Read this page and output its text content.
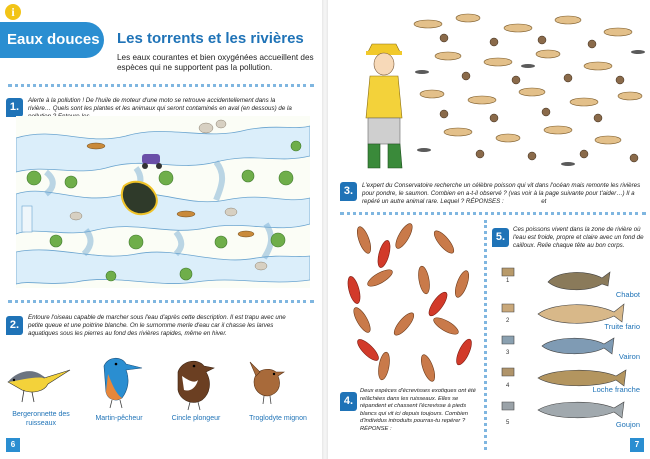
i
Eaux douces Les torrents et les rivières
Les eaux courantes et bien oxygénées accueillent des espèces qui ne supportent pas la pollution.
1.
Alerte à la pollution ! De l'huile de moteur d'une moto se retrouve accidentellement dans la rivière… Quels sont les plantes et les animaux qui seront contaminés en aval (en dessous) de la
2.
Entoure l'oiseau capable de marcher sous l'eau d'après cette description. Il est trapu avec une petite queue et une poitrine blanche. On le surnomme merle d'eau car il chasse les larves aquatiques sous les pierres au fond des rivières rapides, même en hiver.
Bergeronnette des ruisseaux
Martin-pêcheur	Cincle plongeur	Troglodyte mignon
6
3.	L'expert du Conservatoire recherche un célèbre poisson qui vit dans l'océan mais remonte les rivières pour pondre, le saumon. Combien en a-t-il observé ? (vas voir à la page suivante pour t'aider…) Il a repéré un autre animal rare. Lequel ? RÉPONSES :	et
4.
Deux espèces d'écrevisses exotiques ont été relâchées dans les ruisseaux. Elles se répandent et chassent l'écrevisse à pieds blancs qui vit ici depuis toujours. Combien d'individus introduits pourras-tu repérer ? RÉPONSE :
5.
Ces poissons vivent dans la zone de rivière où l'eau est froide, propre et claire avec un fond de cailloux. Relie chaque tête au bon corps.
1
2
3
4
5
Chabot
Truite fario
Vairon
Loche franche
Goujon
7
